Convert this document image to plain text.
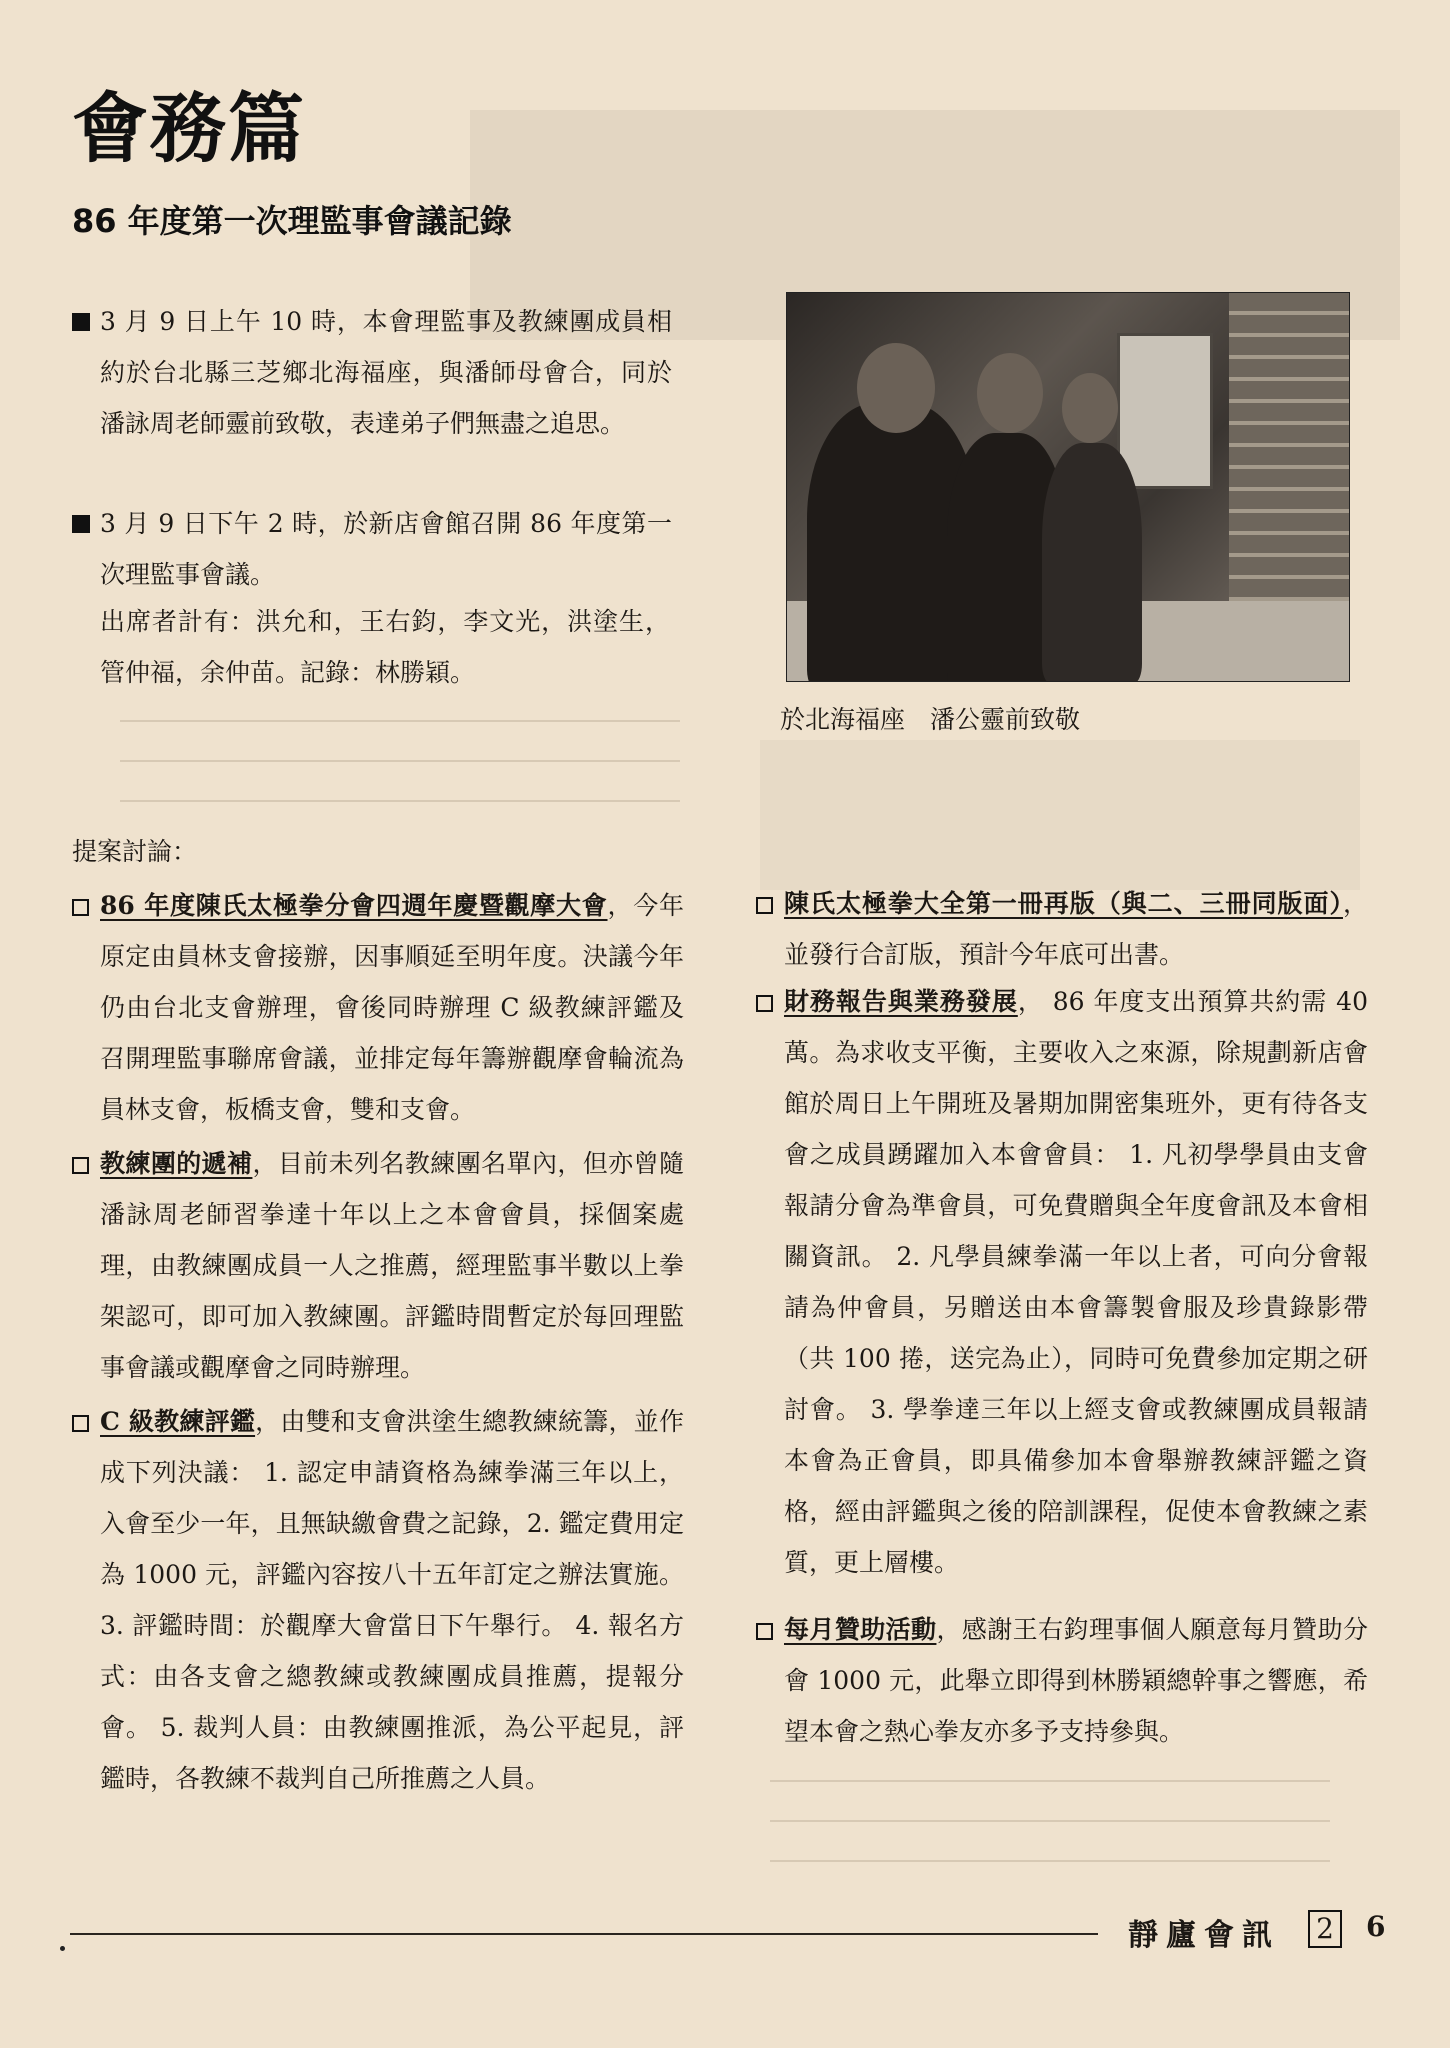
會務篇
86 年度第一次理監事會議記錄
3 月 9 日上午 10 時，本會理監事及教練團成員相約於台北縣三芝鄉北海福座，與潘師母會合，同於　潘詠周老師靈前致敬，表達弟子們無盡之追思。
3 月 9 日下午 2 時，於新店會館召開 86 年度第一次理監事會議。
出席者計有：洪允和，王右鈞，李文光，洪塗生，管仲福，余仲苗。記錄：林勝穎。
於北海福座　潘公靈前致敬
提案討論：
86 年度陳氏太極拳分會四週年慶暨觀摩大會，今年原定由員林支會接辦，因事順延至明年度。決議今年仍由台北支會辦理，會後同時辦理 C 級教練評鑑及召開理監事聯席會議，並排定每年籌辦觀摩會輪流為員林支會，板橋支會，雙和支會。
教練團的遞補，目前未列名教練團名單內，但亦曾隨　潘詠周老師習拳達十年以上之本會會員，採個案處理，由教練團成員一人之推薦，經理監事半數以上拳架認可，即可加入教練團。評鑑時間暫定於每回理監事會議或觀摩會之同時辦理。
C 級教練評鑑，由雙和支會洪塗生總教練統籌，並作成下列決議： 1. 認定申請資格為練拳滿三年以上，入會至少一年，且無缺繳會費之記錄，2. 鑑定費用定為 1000 元，評鑑內容按八十五年訂定之辦法實施。 3. 評鑑時間：於觀摩大會當日下午舉行。 4. 報名方式：由各支會之總教練或教練團成員推薦，提報分會。 5. 裁判人員：由教練團推派，為公平起見，評鑑時，各教練不裁判自己所推薦之人員。
陳氏太極拳大全第一冊再版（與二、三冊同版面），並發行合訂版，預計今年底可出書。
財務報告與業務發展， 86 年度支出預算共約需 40 萬。為求收支平衡，主要收入之來源，除規劃新店會館於周日上午開班及暑期加開密集班外，更有待各支會之成員踴躍加入本會會員： 1. 凡初學學員由支會報請分會為準會員，可免費贈與全年度會訊及本會相關資訊。 2. 凡學員練拳滿一年以上者，可向分會報請為仲會員，另贈送由本會籌製會服及珍貴錄影帶（共 100 捲，送完為止），同時可免費參加定期之研討會。 3. 學拳達三年以上經支會或教練團成員報請本會為正會員，即具備參加本會舉辦教練評鑑之資格，經由評鑑與之後的陪訓課程，促使本會教練之素質，更上層樓。
每月贊助活動，感謝王右鈞理事個人願意每月贊助分會 1000 元，此舉立即得到林勝穎總幹事之響應，希望本會之熱心拳友亦多予支持參與。
靜廬會訊 2 6
